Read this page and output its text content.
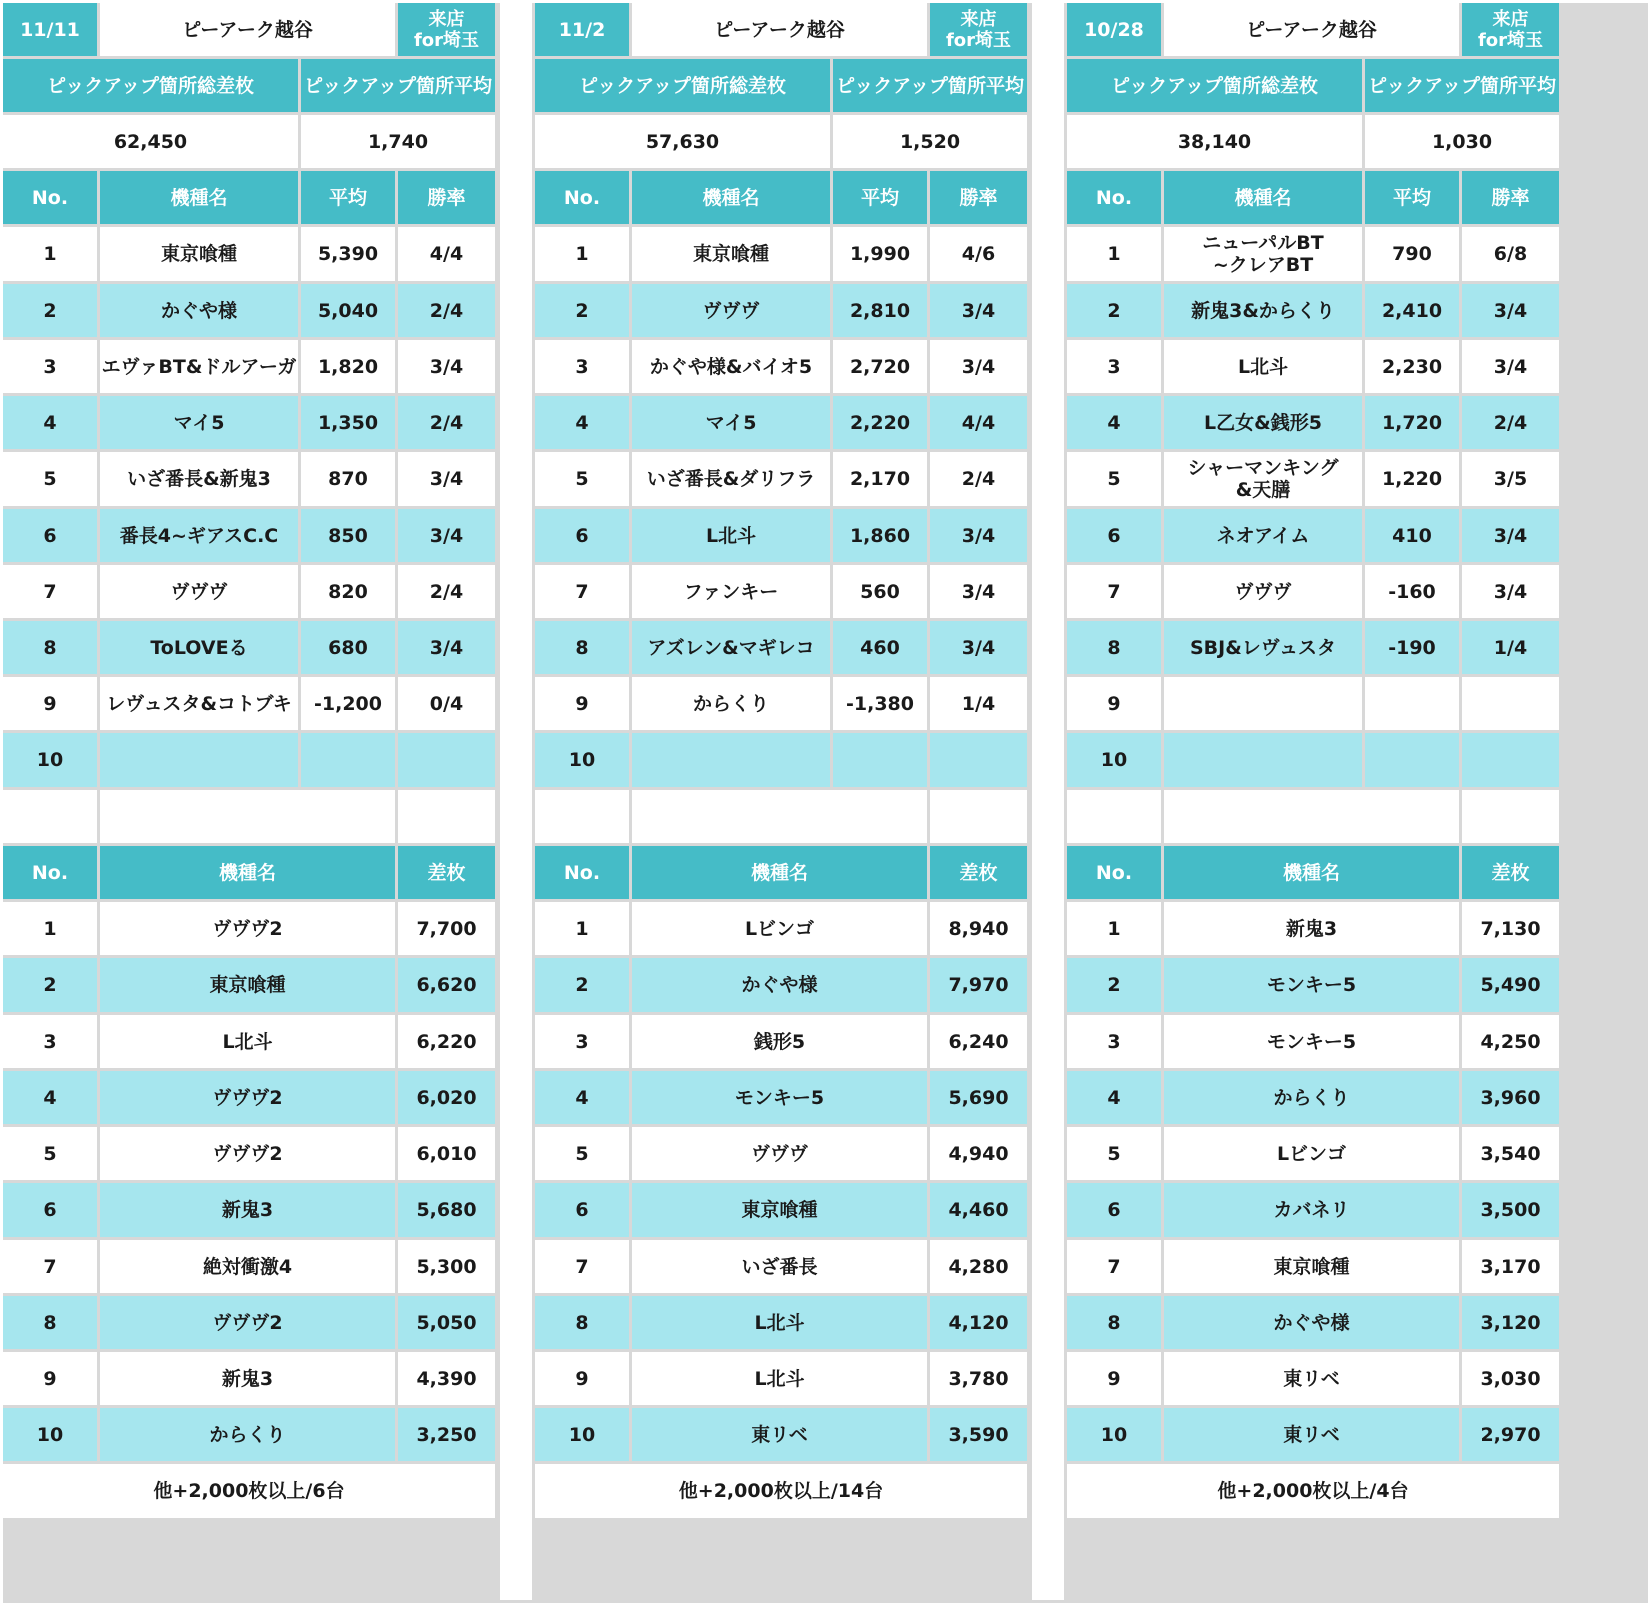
11/11	ピーアーク越谷	来店
for埼玉
ピックアップ箇所総差枚	ピックアップ箇所平均
62,450	1,740
No.	機種名	平均	勝率
1	東京喰種	5,390	4/4
2	かぐや様	5,040	2/4
3 エヴァBT&ドルアーガ 1,820	3/4
4	マイ5	1,350	2/4
5	いざ番長&新鬼3	870	3/4
6	番長4~ギアスC.C	850	3/4
7	ヴヴヴ	820	2/4
8	ToLOVEる	680	3/4
9	レヴュスタ&コトブキ -1,200	0/4
10
No.	機種名	差枚
1	ヴヴヴ2	7,700
2	東京喰種	6,620
3	L北斗	6,220
4	ヴヴヴ2	6,020
5	ヴヴヴ2	6,010
6	新鬼3	5,680
7	絶対衝激4	5,300
8	ヴヴヴ2	5,050
9	新鬼3	4,390
10	からくり	3,250
他+2,000枚以上/6台
11/2	ピーアーク越谷	来店
for埼玉
ピックアップ箇所総差枚	ピックアップ箇所平均
57,630	1,520
No.	機種名	平均	勝率
1	東京喰種	1,990	4/6
2	ヴヴヴ	2,810	3/4
3	かぐや様&バイオ5 2,720	3/4
4	マイ5	2,220	4/4
5	いざ番長&ダリフラ 2,170	2/4
6	L北斗	1,860	3/4
7	ファンキー	560	3/4
8	アズレン&マギレコ 460	3/4
9	からくり	-1,380	1/4
10
No.	機種名	差枚
1	Lビンゴ	8,940
2	かぐや様	7,970
3	銭形5	6,240
4	モンキー5	5,690
5	ヴヴヴ	4,940
6	東京喰種	4,460
7	いざ番長	4,280
8	L北斗	4,120
9	L北斗	3,780
10	東リベ	3,590
他+2,000枚以上/14台
10/28	ピーアーク越谷	来店
for埼玉
ピックアップ箇所総差枚	ピックアップ箇所平均
38,140	1,030
No.	機種名	平均	勝率
1	ニューパルBT
~クレアBT	790	6/8
2	新鬼3&からくり 2,410	3/4
3	L北斗	2,230	3/4
4	L乙女&銭形5	1,720	2/4
5	シャーマンキング
&天膳	1,220	3/5
6	ネオアイム	410	3/4
7	ヴヴヴ	-160	3/4
8	SBJ&レヴュスタ	-190	1/4
9
10
No.	機種名	差枚
1	新鬼3	7,130
2	モンキー5	5,490
3	モンキー5	4,250
4	からくり	3,960
5	Lビンゴ	3,540
6	カバネリ	3,500
7	東京喰種	3,170
8	かぐや様	3,120
9	東リベ	3,030
10	東リベ	2,970
他+2,000枚以上/4台
